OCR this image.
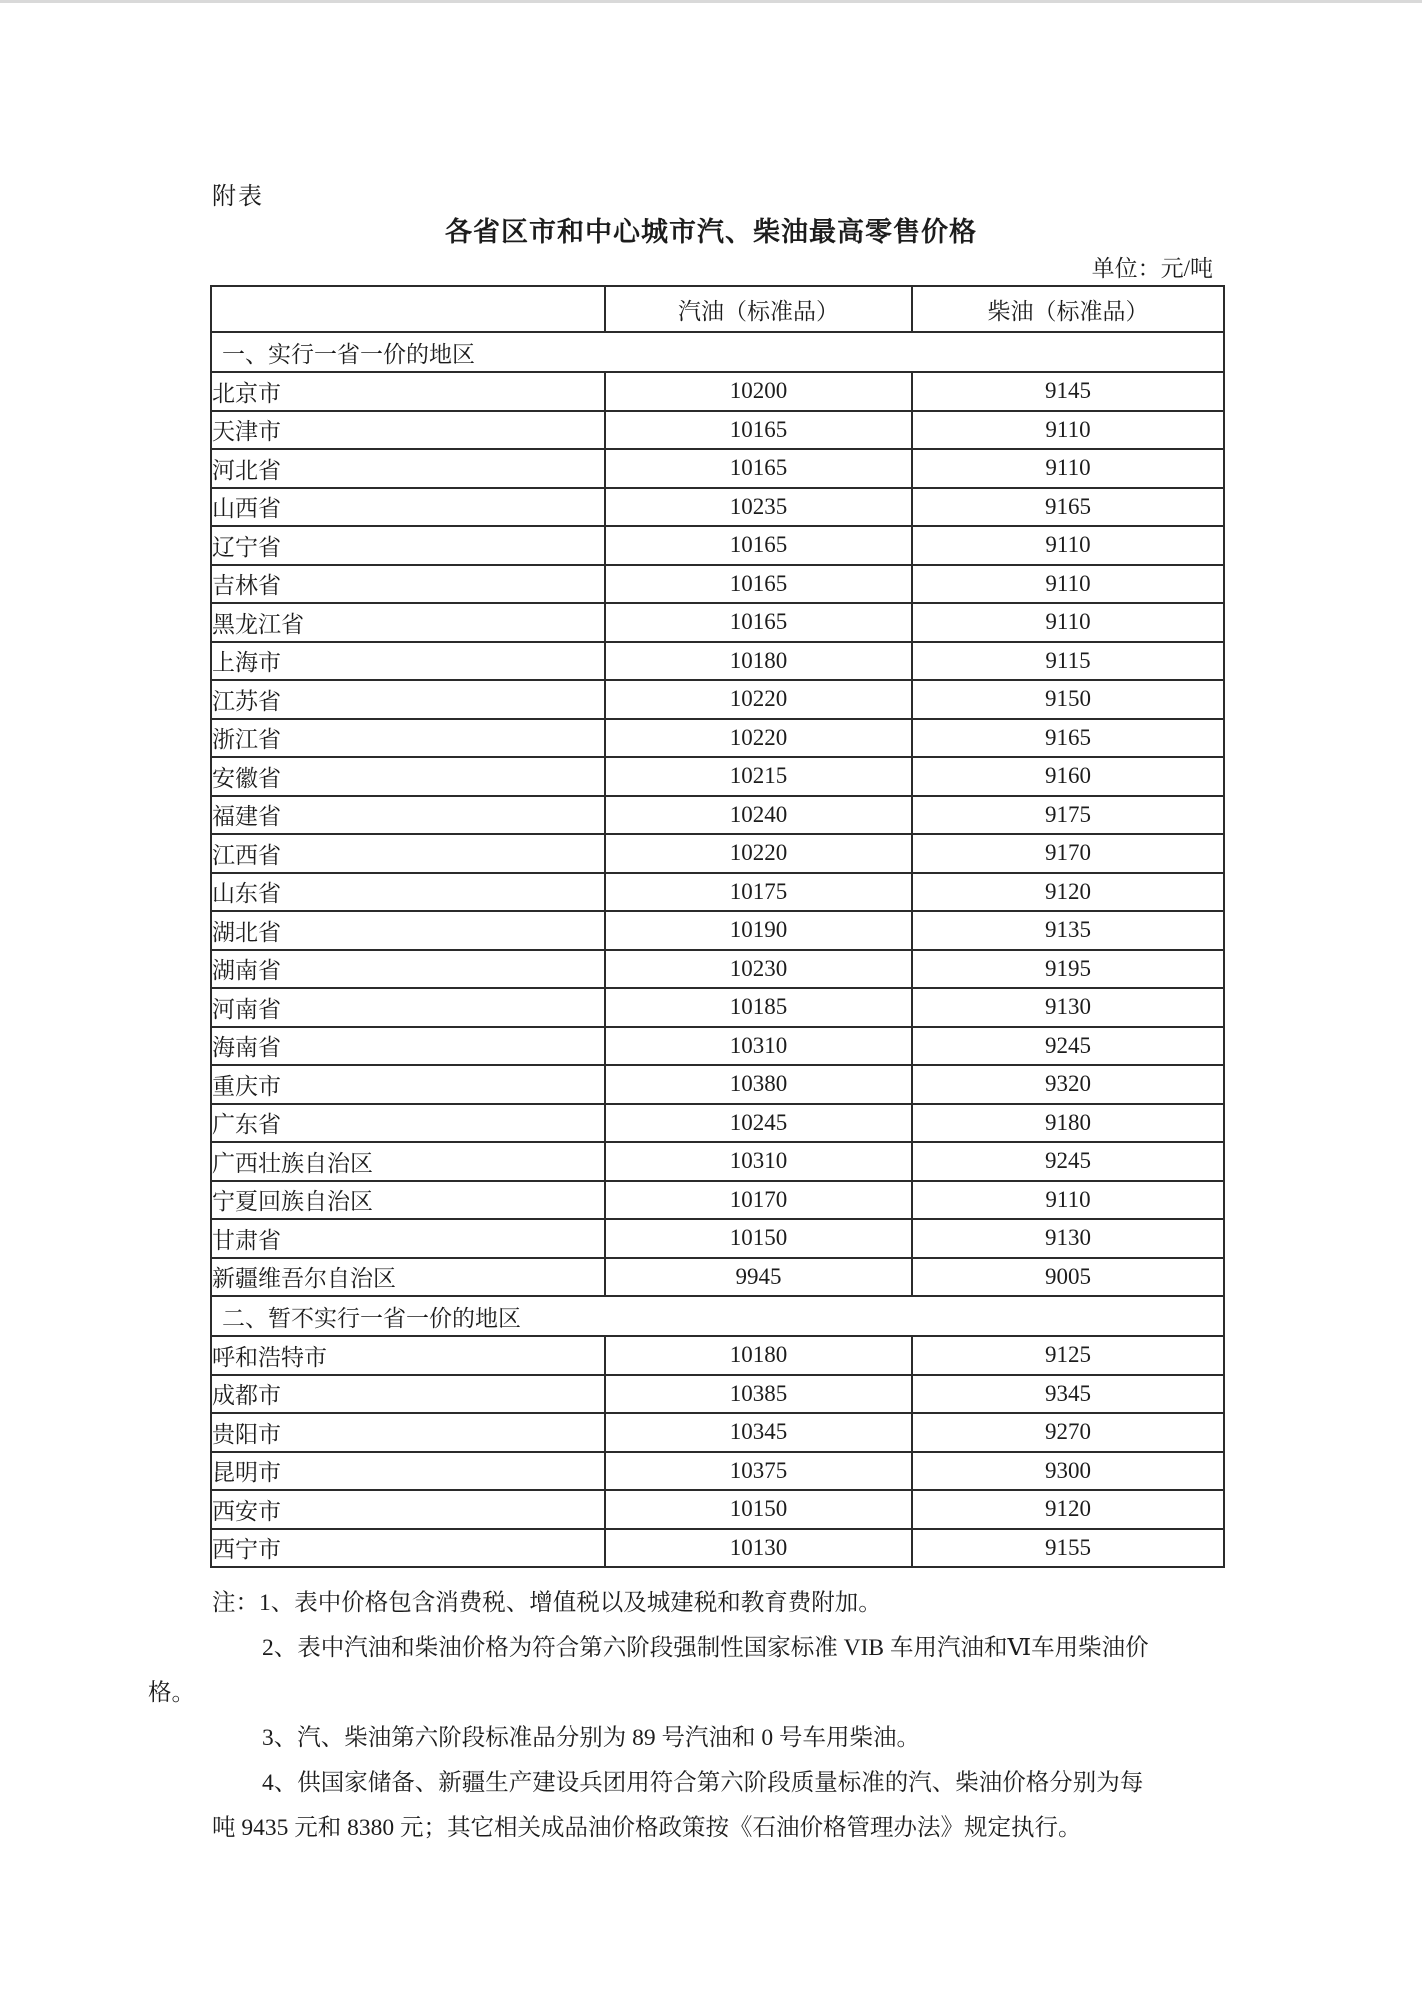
附表
各省区市和中心城市汽、柴油最高零售价格
单位：元/吨
	汽油（标准品）	柴油（标准品）
一、实行一省一价的地区		
北京市	10200	9145
天津市	10165	9110
河北省	10165	9110
山西省	10235	9165
辽宁省	10165	9110
吉林省	10165	9110
黑龙江省	10165	9110
上海市	10180	9115
江苏省	10220	9150
浙江省	10220	9165
安徽省	10215	9160
福建省	10240	9175
江西省	10220	9170
山东省	10175	9120
湖北省	10190	9135
湖南省	10230	9195
河南省	10185	9130
海南省	10310	9245
重庆市	10380	9320
广东省	10245	9180
广西壮族自治区	10310	9245
宁夏回族自治区	10170	9110
甘肃省	10150	9130
新疆维吾尔自治区	9945	9005
二、暂不实行一省一价的地区		
呼和浩特市	10180	9125
成都市	10385	9345
贵阳市	10345	9270
昆明市	10375	9300
西安市	10150	9120
西宁市	10130	9155
注：1、表中价格包含消费税、增值税以及城建税和教育费附加。
2、表中汽油和柴油价格为符合第六阶段强制性国家标准 VIB 车用汽油和Ⅵ车用柴油价
格。
3、汽、柴油第六阶段标准品分别为 89 号汽油和 0 号车用柴油。
4、供国家储备、新疆生产建设兵团用符合第六阶段质量标准的汽、柴油价格分别为每
吨 9435 元和 8380 元；其它相关成品油价格政策按《石油价格管理办法》规定执行。
